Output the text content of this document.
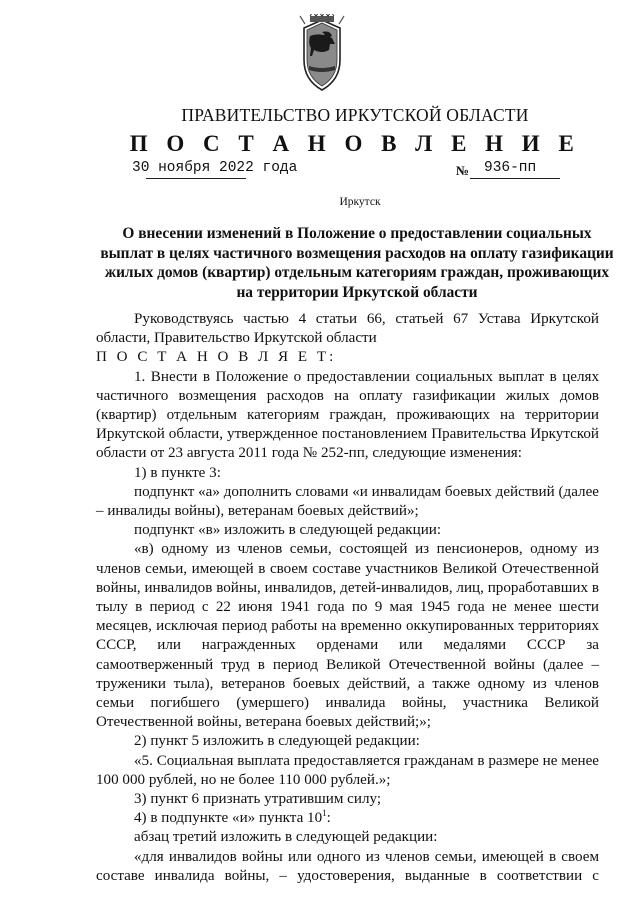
ПРАВИТЕЛЬСТВО ИРКУТСКОЙ ОБЛАСТИ
П О С Т А Н О В Л Е Н И Е
30 ноября 2022 года	№ 936-пп
Иркутск
О внесении изменений в Положение о предоставлении социальных выплат в целях частичного возмещения расходов на оплату газификации жилых домов (квартир) отдельным категориям граждан, проживающих на территории Иркутской области

Руководствуясь частью 4 статьи 66, статьей 67 Устава Иркутской области, Правительство Иркутской области

П О С Т А Н О В Л Я Е Т:

1. Внести в Положение о предоставлении социальных выплат в целях частичного возмещения расходов на оплату газификации жилых домов (квартир) отдельным категориям граждан, проживающих на территории Иркутской области, утвержденное постановлением Правительства Иркутской области от 23 августа 2011 года № 252-пп, следующие изменения:

1) в пункте 3:

подпункт «а» дополнить словами «и инвалидам боевых действий (далее – инвалиды войны), ветеранам боевых действий»;

подпункт «в» изложить в следующей редакции:

«в) одному из членов семьи, состоящей из пенсионеров, одному из членов семьи, имеющей в своем составе участников Великой Отечественной войны, инвалидов войны, инвалидов, детей-инвалидов, лиц, проработавших в тылу в период с 22 июня 1941 года по 9 мая 1945 года не менее шести месяцев, исключая период работы на временно оккупированных территориях СССР, или награжденных орденами или медалями СССР за самоотверженный труд в период Великой Отечественной войны (далее – труженики тыла), ветеранов боевых действий, а также одному из членов семьи погибшего (умершего) инвалида войны, участника Великой Отечественной войны, ветерана боевых действий;»;

2) пункт 5 изложить в следующей редакции:

«5. Социальная выплата предоставляется гражданам в размере не менее 100 000 рублей, но не более 110 000 рублей.»;

3) пункт 6 признать утратившим силу;

4) в подпункте «и» пункта $10^1$:

абзац третий изложить в следующей редакции:

«для инвалидов войны или одного из членов семьи, имеющей в своем составе инвалида войны, – удостоверения, выданные в соответствии с
